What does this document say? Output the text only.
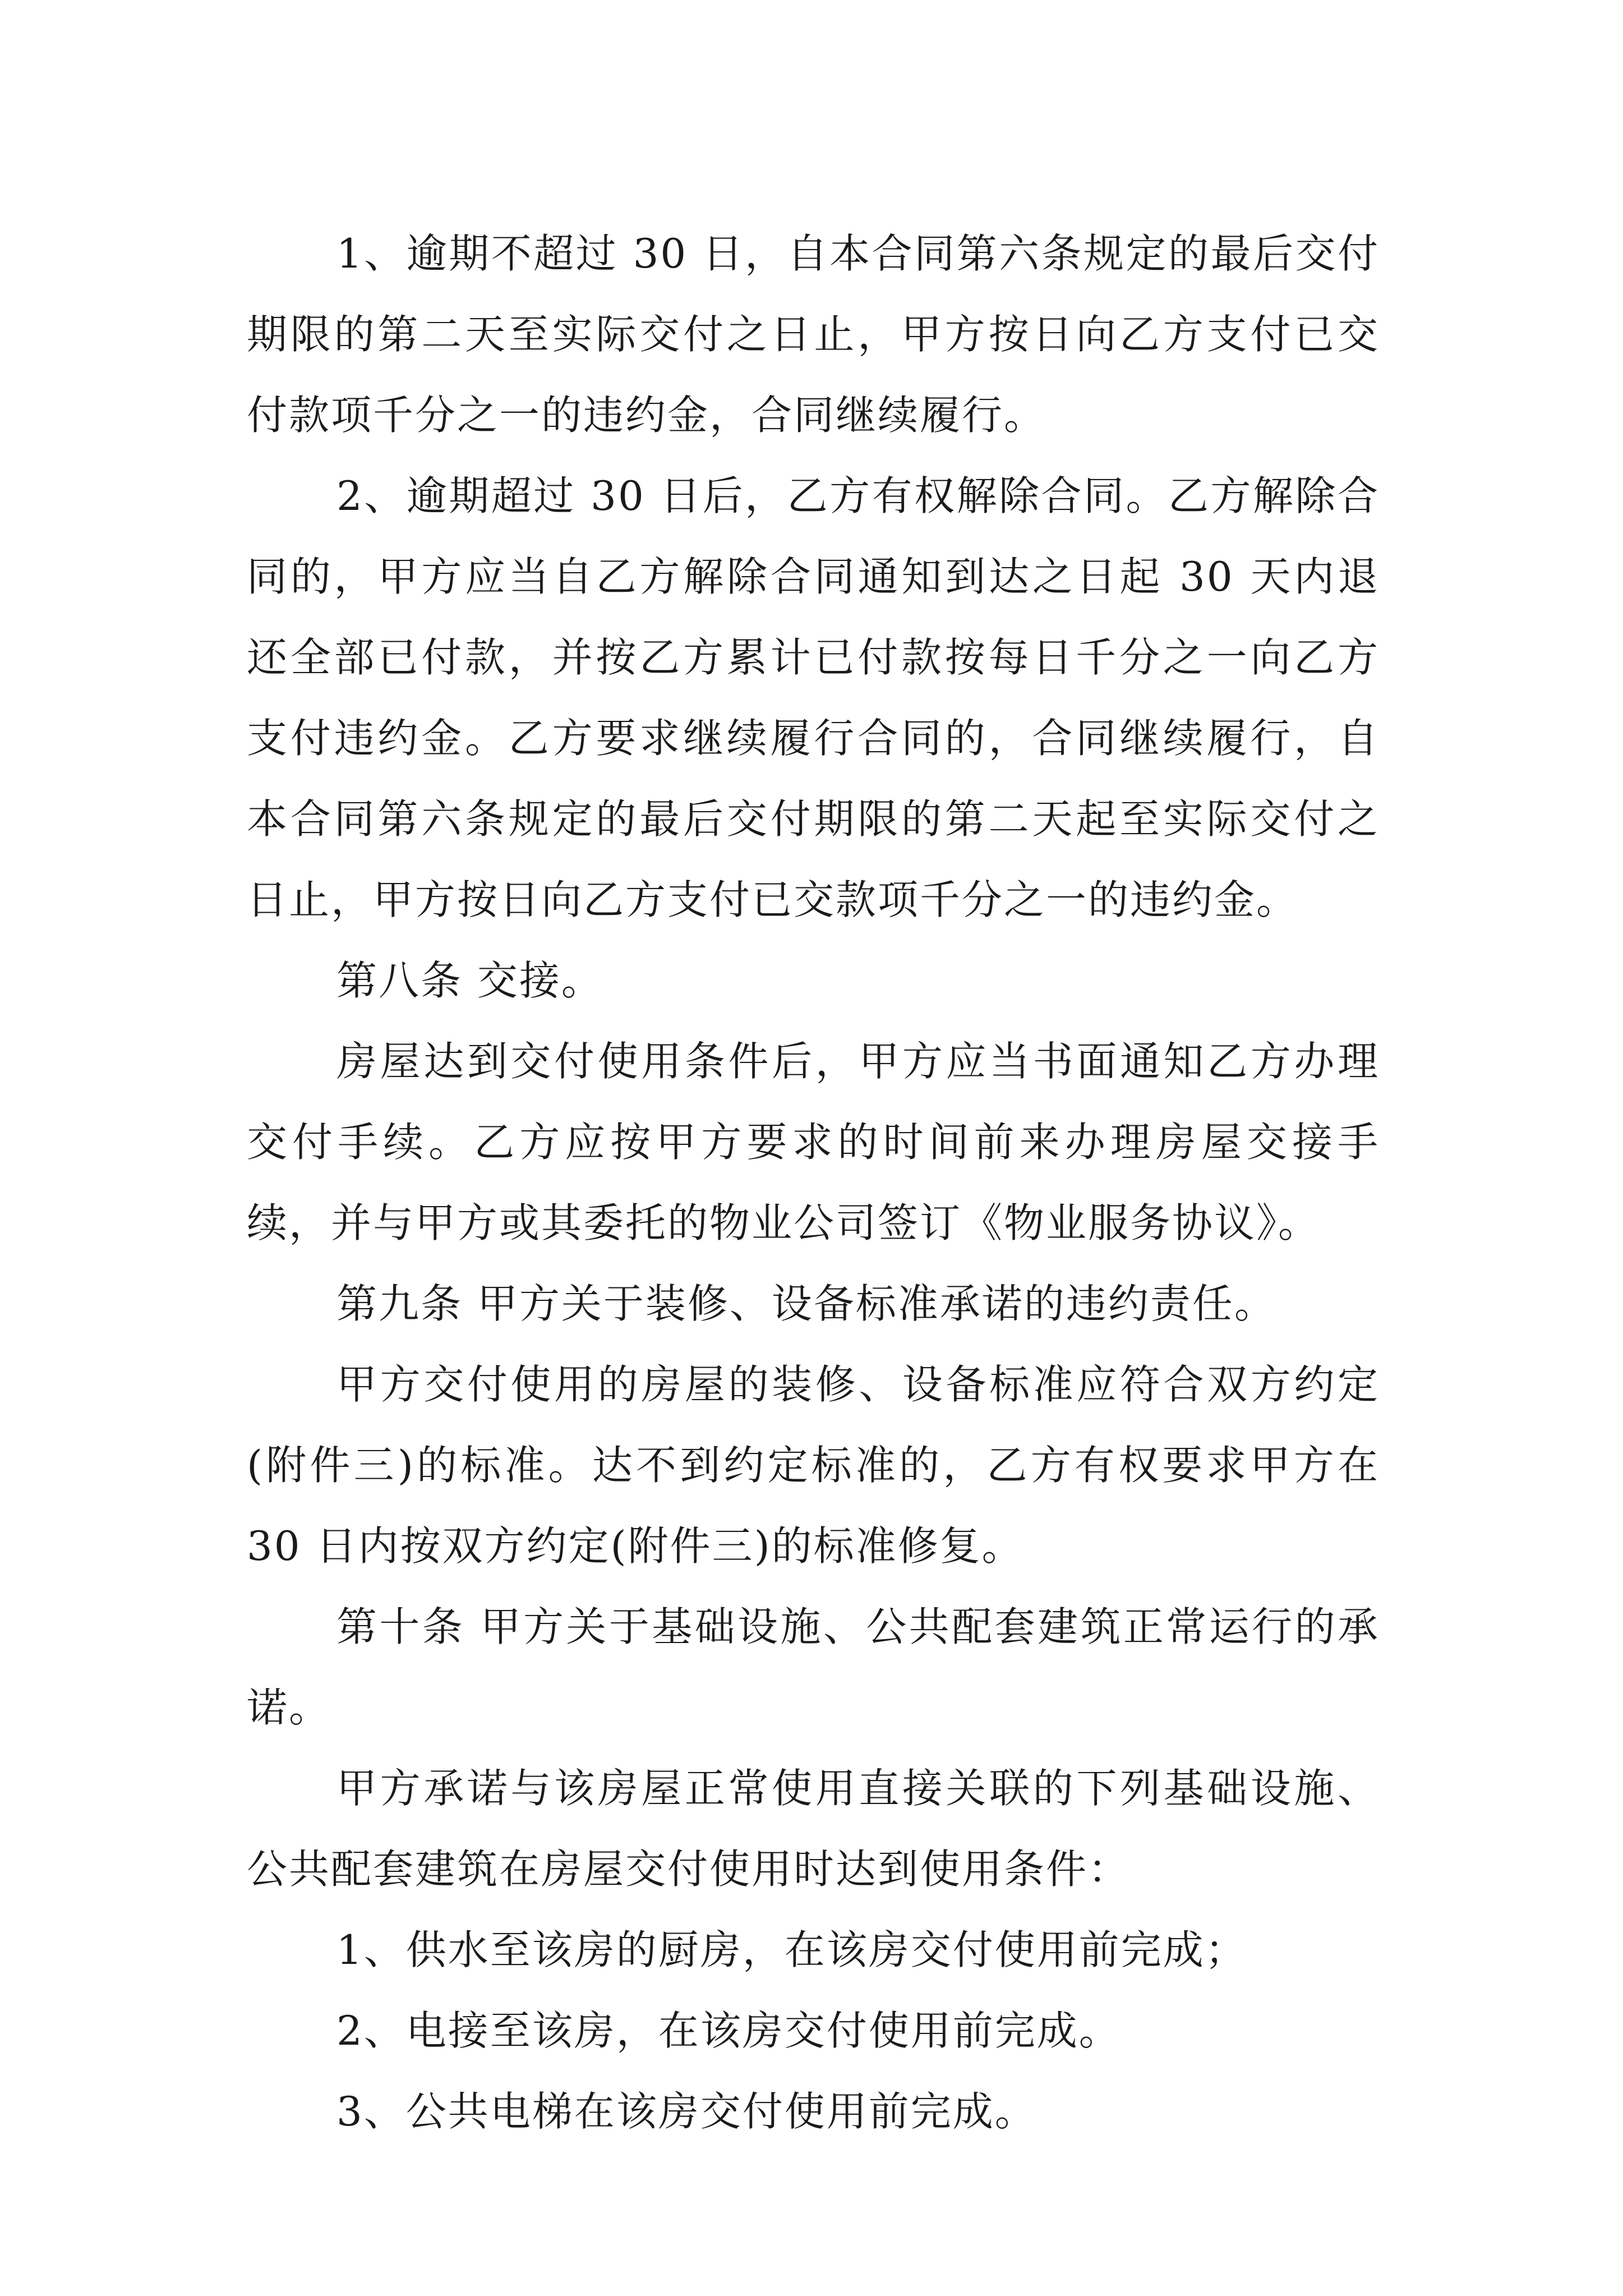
1、逾期不超过 30 日，自本合同第六条规定的最后交付期限的第二天至实际交付之日止，甲方按日向乙方支付已交付款项千分之一的违约金，合同继续履行。

2、逾期超过 30 日后，乙方有权解除合同。乙方解除合同的，甲方应当自乙方解除合同通知到达之日起 30 天内退还全部已付款，并按乙方累计已付款按每日千分之一向乙方支付违约金。乙方要求继续履行合同的，合同继续履行，自本合同第六条规定的最后交付期限的第二天起至实际交付之日止，甲方按日向乙方支付已交款项千分之一的违约金。

第八条 交接。

房屋达到交付使用条件后，甲方应当书面通知乙方办理交付手续。乙方应按甲方要求的时间前来办理房屋交接手续，并与甲方或其委托的物业公司签订《物业服务协议》。

第九条 甲方关于装修、设备标准承诺的违约责任。

甲方交付使用的房屋的装修、设备标准应符合双方约定(附件三)的标准。达不到约定标准的，乙方有权要求甲方在 30 日内按双方约定(附件三)的标准修复。

第十条 甲方关于基础设施、公共配套建筑正常运行的承诺。

甲方承诺与该房屋正常使用直接关联的下列基础设施、公共配套建筑在房屋交付使用时达到使用条件：

1、供水至该房的厨房，在该房交付使用前完成；

2、电接至该房，在该房交付使用前完成。

3、公共电梯在该房交付使用前完成。
